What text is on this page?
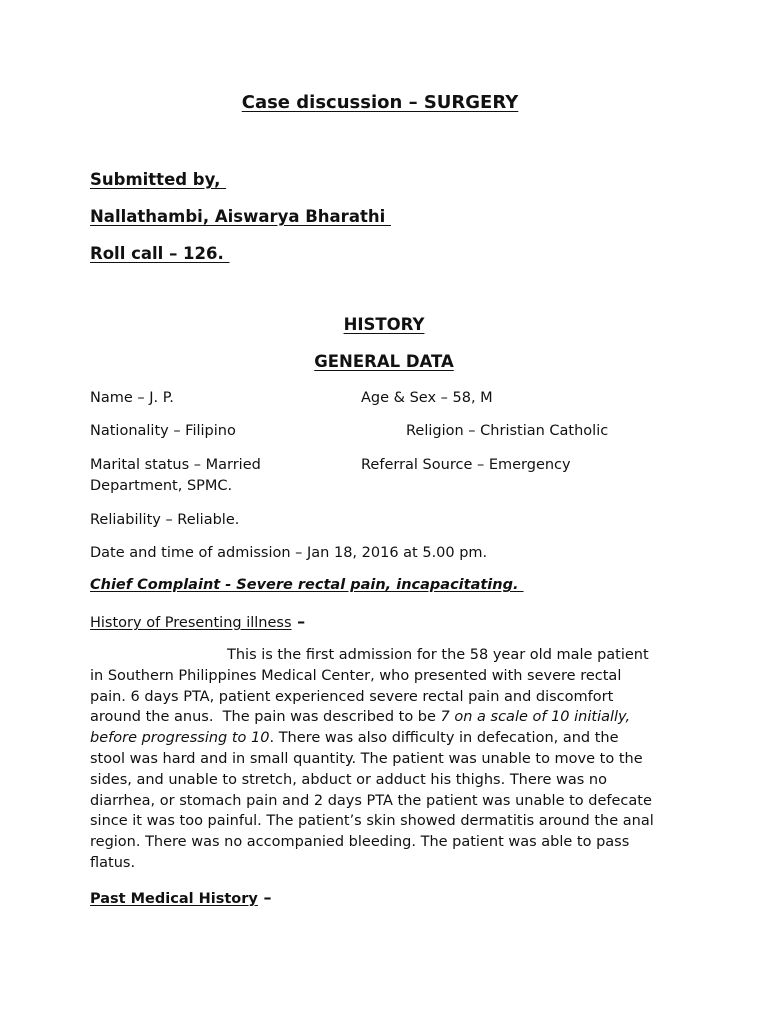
Case discussion – SURGERY
Submitted by,
Nallathambi, Aiswarya Bharathi
Roll call – 126.
HISTORY
GENERAL DATA
Name – J. P.	Age & Sex – 58, M
Nationality – Filipino	Religion – Christian Catholic
Marital status – Married	Referral Source – Emergency
Department, SPMC.
Reliability – Reliable.
Date and time of admission – Jan 18, 2016 at 5.00 pm.
Chief Complaint - Severe rectal pain, incapacitating.
History of Presenting illness –
This is the first admission for the 58 year old male patient
in Southern Philippines Medical Center, who presented with severe rectal
pain. 6 days PTA, patient experienced severe rectal pain and discomfort
around the anus.  The pain was described to be 7 on a scale of 10 initially,
before progressing to 10. There was also difficulty in defecation, and the
stool was hard and in small quantity. The patient was unable to move to the
sides, and unable to stretch, abduct or adduct his thighs. There was no
diarrhea, or stomach pain and 2 days PTA the patient was unable to defecate
since it was too painful. The patient’s skin showed dermatitis around the anal
region. There was no accompanied bleeding. The patient was able to pass
flatus.
Past Medical History –
